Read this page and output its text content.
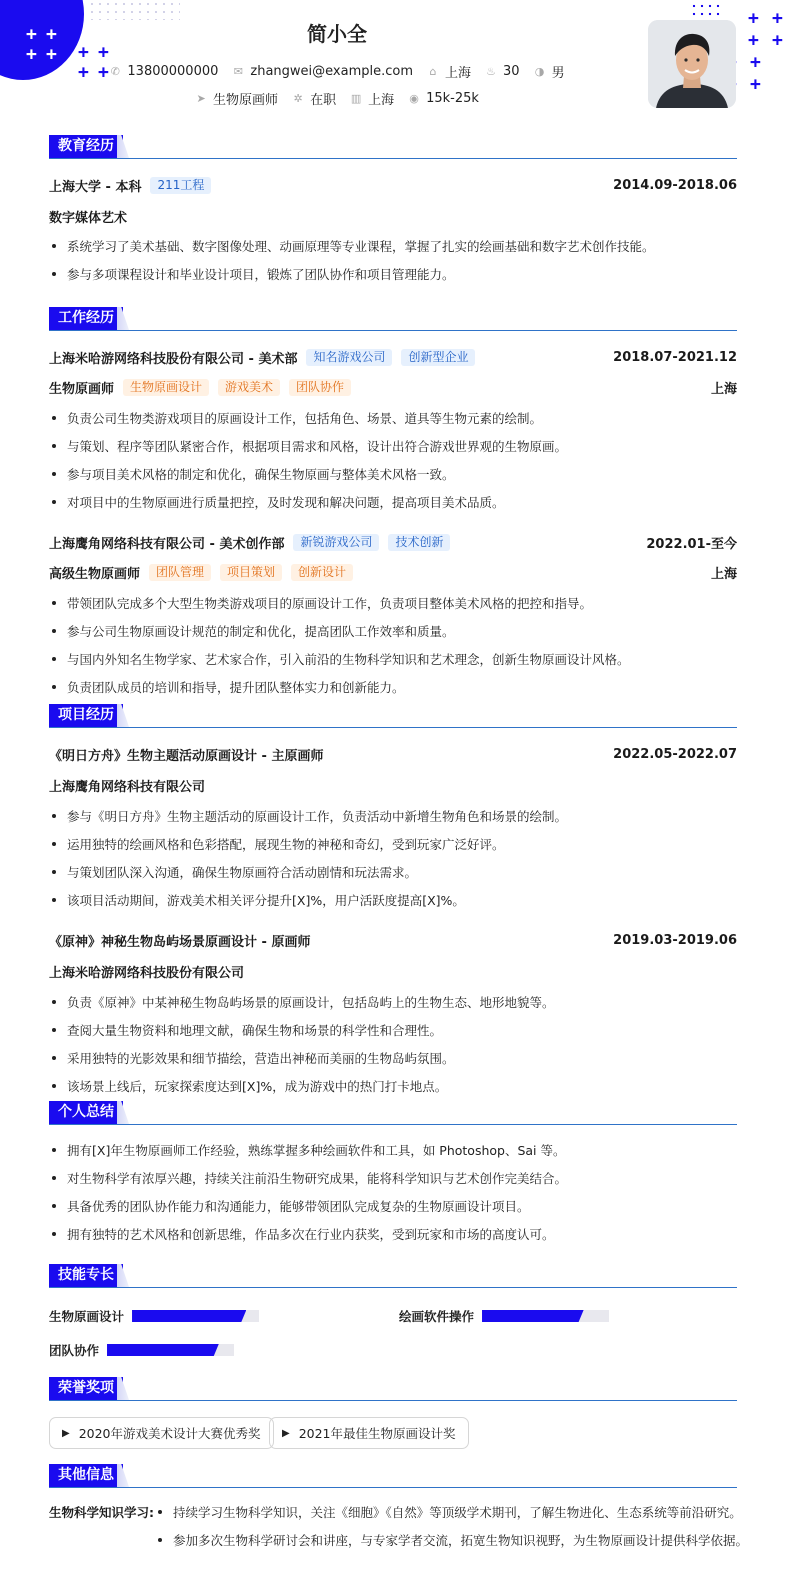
+ +
+ + + +
+ +
+ +
+ +
+
+
简小全
✆ 13800000000 ✉ zhangwei@example.com ⌂ 上海 ♨ 30 ◑ 男
➤ 生物原画师 ✲ 在职 ▥ 上海 ◉ 15k-25k
教育经历
上海大学 - 本科	211工程	2014.09-2018.06
数字媒体艺术
系统学习了美术基础、数字图像处理、动画原理等专业课程，掌握了扎实的绘画基础和数字艺术创作技能。
参与多项课程设计和毕业设计项目，锻炼了团队协作和项目管理能力。
工作经历
上海米哈游网络科技股份有限公司 - 美术部	知名游戏公司	创新型企业	2018.07-2021.12
生物原画师	生物原画设计	游戏美术	团队协作	上海
负责公司生物类游戏项目的原画设计工作，包括角色、场景、道具等生物元素的绘制。
与策划、程序等团队紧密合作，根据项目需求和风格，设计出符合游戏世界观的生物原画。
参与项目美术风格的制定和优化，确保生物原画与整体美术风格一致。
对项目中的生物原画进行质量把控，及时发现和解决问题，提高项目美术品质。
上海鹰角网络科技有限公司 - 美术创作部	新锐游戏公司	技术创新	2022.01-至今
高级生物原画师	团队管理	项目策划	创新设计	上海
带领团队完成多个大型生物类游戏项目的原画设计工作，负责项目整体美术风格的把控和指导。
参与公司生物原画设计规范的制定和优化，提高团队工作效率和质量。
与国内外知名生物学家、艺术家合作，引入前沿的生物科学知识和艺术理念，创新生物原画设计风格。
负责团队成员的培训和指导，提升团队整体实力和创新能力。
项目经历
《明日方舟》生物主题活动原画设计 - 主原画师	2022.05-2022.07
上海鹰角网络科技有限公司
参与《明日方舟》生物主题活动的原画设计工作，负责活动中新增生物角色和场景的绘制。
运用独特的绘画风格和色彩搭配，展现生物的神秘和奇幻，受到玩家广泛好评。
与策划团队深入沟通，确保生物原画符合活动剧情和玩法需求。
该项目活动期间，游戏美术相关评分提升[X]%，用户活跃度提高[X]%。
《原神》神秘生物岛屿场景原画设计 - 原画师	2019.03-2019.06
上海米哈游网络科技股份有限公司
负责《原神》中某神秘生物岛屿场景的原画设计，包括岛屿上的生物生态、地形地貌等。
查阅大量生物资料和地理文献，确保生物和场景的科学性和合理性。
采用独特的光影效果和细节描绘，营造出神秘而美丽的生物岛屿氛围。
该场景上线后，玩家探索度达到[X]%，成为游戏中的热门打卡地点。
个人总结
拥有[X]年生物原画师工作经验，熟练掌握多种绘画软件和工具，如 Photoshop、Sai 等。
对生物科学有浓厚兴趣，持续关注前沿生物研究成果，能将科学知识与艺术创作完美结合。
具备优秀的团队协作能力和沟通能力，能够带领团队完成复杂的生物原画设计项目。
拥有独特的艺术风格和创新思维，作品多次在行业内获奖，受到玩家和市场的高度认可。
技能专长
生物原画设计	绘画软件操作
团队协作
荣誉奖项
▶ 2020年游戏美术设计大赛优秀奖 ▶ 2021年最佳生物原画设计奖
其他信息
生物科学知识学习:	持续学习生物科学知识，关注《细胞》《自然》等顶级学术期刊，了解生物进化、生态系统等前沿研究。
参加多次生物科学研讨会和讲座，与专家学者交流，拓宽生物知识视野，为生物原画设计提供科学依据。
